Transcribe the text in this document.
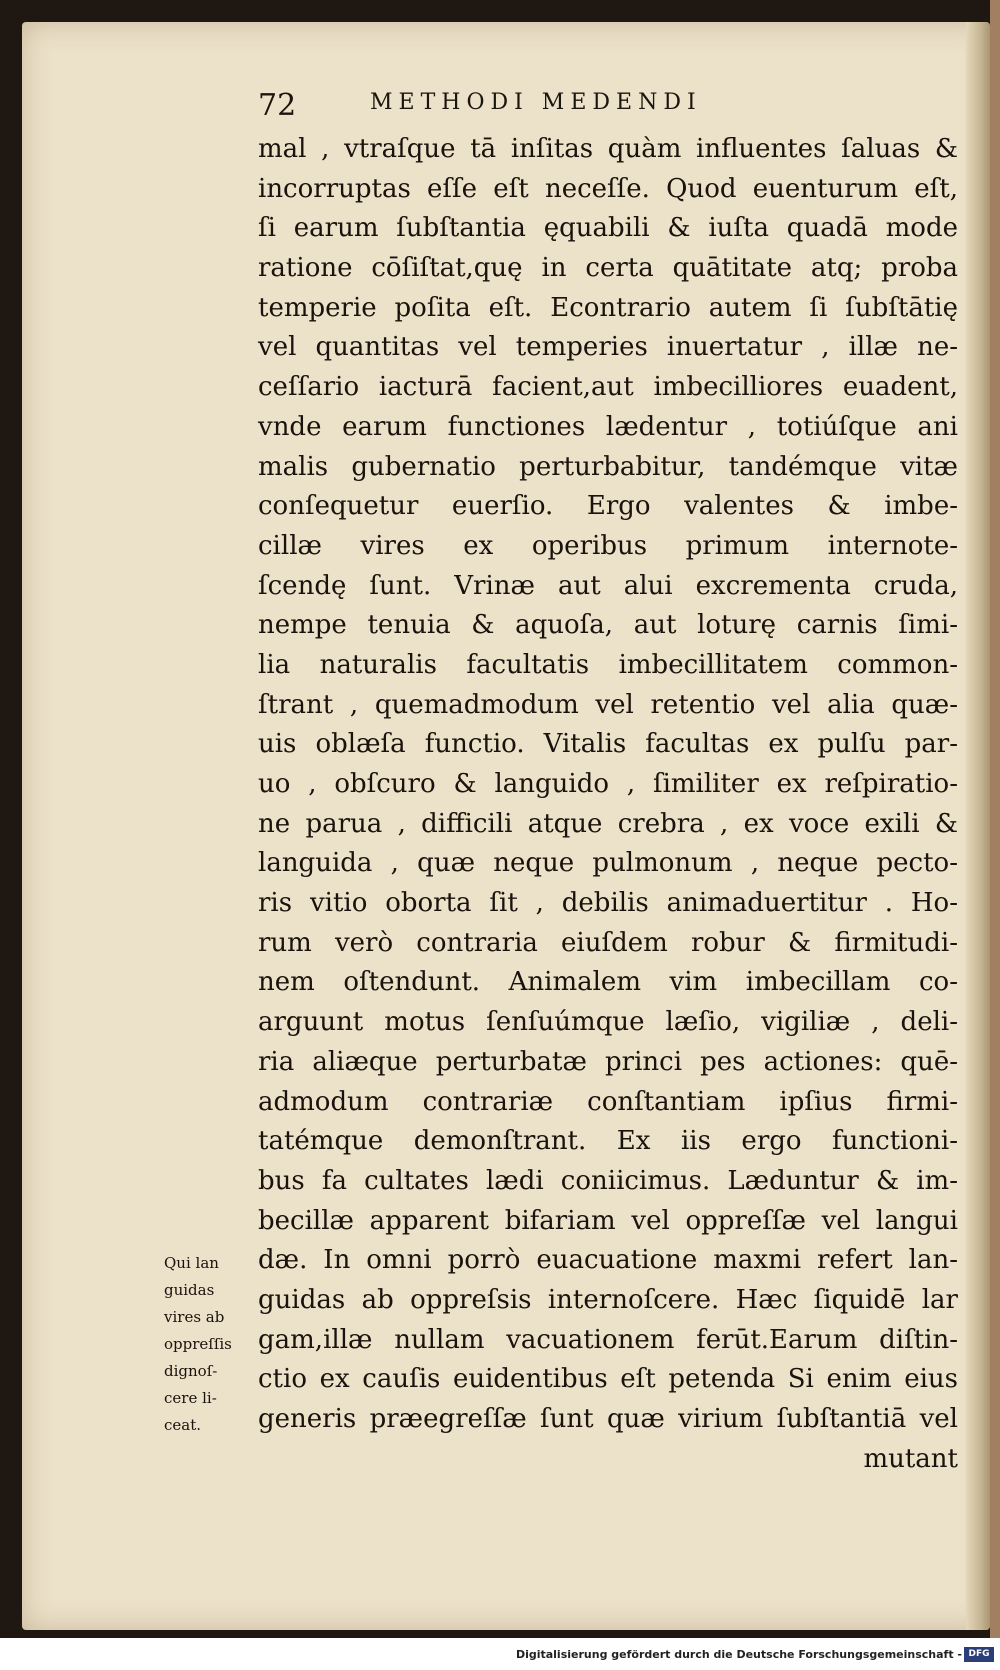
72	METHODI MEDENDI
mal , vtraſque tā inſitas quàm influentes ſaluas &
incorruptas eſſe eſt neceſſe. Quod euenturum eſt,
ſi earum ſubſtantia ęquabili & iuſta quadā mode
ratione cōſiſtat,quę in certa quātitate atq; proba
temperie poſita eſt. Econtrario autem ſi ſubſtātię
vel quantitas vel temperies inuertatur , illæ ne-
ceſſario iacturā facient,aut imbecilliores euadent,
vnde earum functiones lædentur , totiúſque ani
malis gubernatio perturbabitur, tandémque vitæ
conſequetur euerſio. Ergo valentes & imbe-
cillæ vires ex operibus primum internote-
ſcendę ſunt. Vrinæ aut alui excrementa cruda,
nempe tenuia & aquoſa, aut loturę carnis ſimi-
lia naturalis facultatis imbecillitatem common-
ſtrant , quemadmodum vel retentio vel alia quæ-
uis oblæſa functio. Vitalis facultas ex pulſu par-
uo , obſcuro & languido , ſimiliter ex reſpiratio-
ne parua , difficili atque crebra , ex voce exili &
languida , quæ neque pulmonum , neque pecto-
ris vitio oborta ſit , debilis animaduertitur . Ho-
rum verò contraria eiuſdem robur & firmitudi-
nem oſtendunt. Animalem vim imbecillam co-
arguunt motus ſenſuúmque læſio, vigiliæ , deli-
ria aliæque perturbatæ princi pes actiones: quē-
admodum contrariæ conſtantiam ipſius firmi-
tatémque demonſtrant. Ex iis ergo functioni-
bus fa cultates lædi coniicimus. Læduntur & im-
becillæ apparent bifariam vel oppreſſæ vel langui
dæ. In omni porrò euacuatione maxmi refert lan-
guidas ab oppreſsis internoſcere. Hæc ſiquidē lar
gam,illæ nullam vacuationem ferūt.Earum diſtin-
ctio ex cauſis euidentibus eſt petenda Si enim eius
generis præegreſſæ ſunt quæ virium ſubſtantiā vel
mutant
Qui lan
guidas
vires ab
oppreſſis
dignoſ-
cere li-
ceat.
Digitalisierung gefördert durch die Deutsche Forschungsgemeinschaft - DFG
